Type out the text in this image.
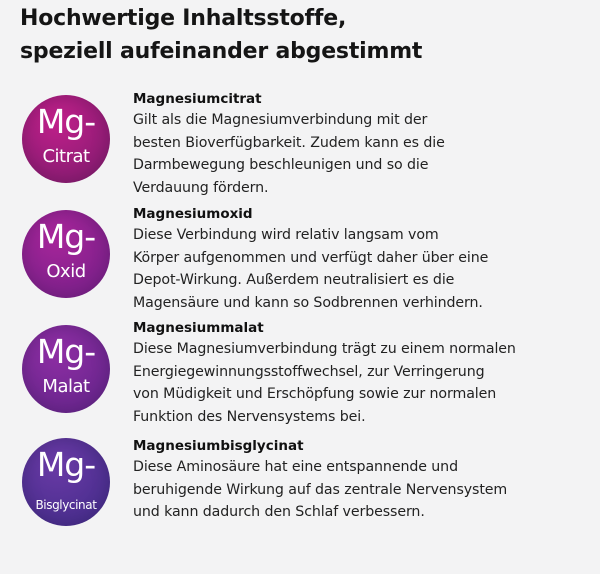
Hochwertige Inhaltsstoffe,
speziell aufeinander abgestimmt
Mg-
Citrat
Magnesiumcitrat
Gilt als die Magnesiumverbindung mit der
besten Bioverfügbarkeit. Zudem kann es die
Darmbewegung beschleunigen und so die
Verdauung fördern.
Mg-
Oxid
Magnesiumoxid
Diese Verbindung wird relativ langsam vom
Körper aufgenommen und verfügt daher über eine
Depot-Wirkung. Außerdem neutralisiert es die
Magensäure und kann so Sodbrennen verhindern.
Mg-
Malat
Magnesiummalat
Diese Magnesiumverbindung trägt zu einem normalen
Energiegewinnungsstoffwechsel, zur Verringerung
von Müdigkeit und Erschöpfung sowie zur normalen
Funktion des Nervensystems bei.
Mg-
Bisglycinat
Magnesiumbisglycinat
Diese Aminosäure hat eine entspannende und
beruhigende Wirkung auf das zentrale Nervensystem
und kann dadurch den Schlaf verbessern.
